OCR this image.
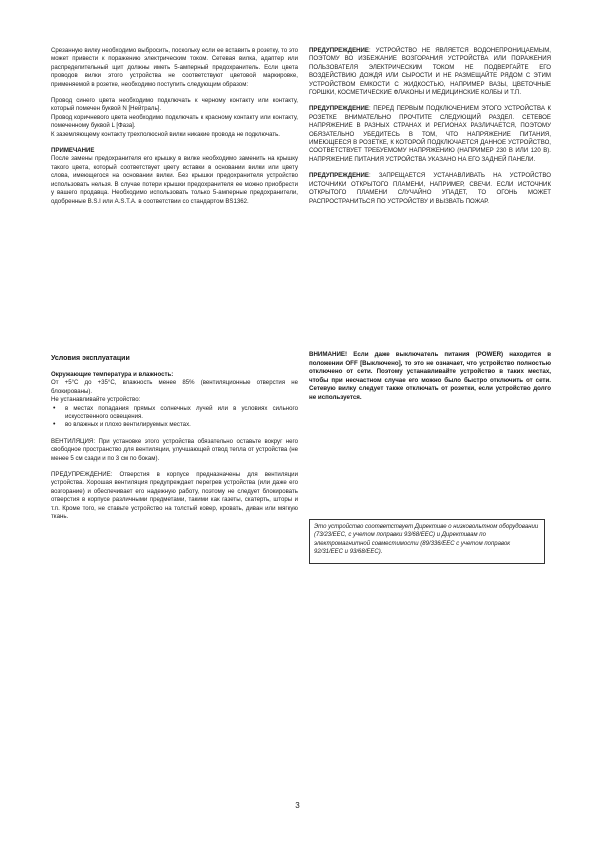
Срезанную вилку необходимо выбросить, поскольку если ее вставить в розетку, то это может привести к поражению электрическим током. Сетевая вилка, адаптер или распределительный щит должны иметь 5-амперный предохранитель. Если цвета проводов вилки этого устройства не соответствуют цветовой маркировке, применяемой в розетке, необходимо поступить следующим образом:

Провод синего цвета необходимо подключать к черному контакту или контакту, который помечен буквой N [Нейтраль].

Провод коричневого цвета необходимо подключать к красному контакту или контакту, помеченному буквой L [Фаза].

К заземляющему контакту трехполюсной вилки никакие провода не подключать.

ПРИМЕЧАНИЕ

После замены предохранителя его крышку в вилке необходимо заменить на крышку такого цвета, который соответствует цвету вставки в основании вилки или цвету слова, имеющегося на основании вилки. Без крышки предохранителя устройство использовать нельзя. В случае потери крышки предохранителя ее можно приобрести у вашего продавца. Необходимо использовать только 5-амперные предохранители, одобренные B.S.I или A.S.T.A. в соответствии со стандартом BS1362.

ПРЕДУПРЕЖДЕНИЕ: УСТРОЙСТВО НЕ ЯВЛЯЕТСЯ ВОДОНЕПРОНИЦАЕМЫМ, ПОЭТОМУ ВО ИЗБЕЖАНИЕ ВОЗГОРАНИЯ УСТРОЙСТВА ИЛИ ПОРАЖЕНИЯ ПОЛЬЗОВАТЕЛЯ ЭЛЕКТРИЧЕСКИМ ТОКОМ НЕ ПОДВЕРГАЙТЕ ЕГО ВОЗДЕЙСТВИЮ ДОЖДЯ ИЛИ СЫРОСТИ И НЕ РАЗМЕЩАЙТЕ РЯДОМ С ЭТИМ УСТРОЙСТВОМ ЕМКОСТИ С ЖИДКОСТЬЮ, НАПРИМЕР ВАЗЫ, ЦВЕТОЧНЫЕ ГОРШКИ, КОСМЕТИЧЕСКИЕ ФЛАКОНЫ И МЕДИЦИНСКИЕ КОЛБЫ И Т.П.

ПРЕДУПРЕЖДЕНИЕ: ПЕРЕД ПЕРВЫМ ПОДКЛЮЧЕНИЕМ ЭТОГО УСТРОЙСТВА К РОЗЕТКЕ ВНИМАТЕЛЬНО ПРОЧТИТЕ СЛЕДУЮЩИЙ РАЗДЕЛ. СЕТЕВОЕ НАПРЯЖЕНИЕ В РАЗНЫХ СТРАНАХ И РЕГИОНАХ РАЗЛИЧАЕТСЯ, ПОЭТОМУ ОБЯЗАТЕЛЬНО УБЕДИТЕСЬ В ТОМ, ЧТО НАПРЯЖЕНИЕ ПИТАНИЯ, ИМЕЮЩЕЕСЯ В РОЗЕТКЕ, К КОТОРОЙ ПОДКЛЮЧАЕТСЯ ДАННОЕ УСТРОЙСТВО, СООТВЕТСТВУЕТ ТРЕБУЕМОМУ НАПРЯЖЕНИЮ (НАПРИМЕР 230 В ИЛИ 120 В). НАПРЯЖЕНИЕ ПИТАНИЯ УСТРОЙСТВА УКАЗАНО НА ЕГО ЗАДНЕЙ ПАНЕЛИ.

ПРЕДУПРЕЖДЕНИЕ: ЗАПРЕЩАЕТСЯ УСТАНАВЛИВАТЬ НА УСТРОЙСТВО ИСТОЧНИКИ ОТКРЫТОГО ПЛАМЕНИ, НАПРИМЕР, СВЕЧИ. ЕСЛИ ИСТОЧНИК ОТКРЫТОГО ПЛАМЕНИ СЛУЧАЙНО УПАДЕТ, ТО ОГОНЬ МОЖЕТ РАСПРОСТРАНИТЬСЯ ПО УСТРОЙСТВУ И ВЫЗВАТЬ ПОЖАР.

Условия эксплуатации

Окружающие температура и влажность:

От +5°С до +35°С, влажность менее 85% (вентиляционные отверстия не блокированы).

Не устанавливайте устройство:

• в местах попадания прямых солнечных лучей или в условиях сильного искусственного освещения.
• во влажных и плохо вентилируемых местах.

ВЕНТИЛЯЦИЯ: При установке этого устройства обязательно оставьте вокруг него свободное пространство для вентиляции, улучшающей отвод тепла от устройства (не менее 5 см сзади и по 3 см по бокам).

ПРЕДУПРЕЖДЕНИЕ: Отверстия в корпусе предназначены для вентиляции устройства. Хорошая вентиляция предупреждает перегрев устройства (или даже его возгорание) и обеспечивает его надежную работу, поэтому не следует блокировать отверстия в корпусе различными предметами, такими как газеты, скатерть, шторы и т.п. Кроме того, не ставьте устройство на толстый ковер, кровать, диван или мягкую ткань.

ВНИМАНИЕ! Если даже выключатель питания (POWER) находится в положении OFF [Выключено], то это не означает, что устройство полностью отключено от сети. Поэтому устанавливайте устройство в таких местах, чтобы при несчастном случае его можно было быстро отключить от сети. Сетевую вилку следует также отключать от розетки, если устройство долго не используется.

Это устройство соответствует Директиве о низковольтном оборудовании (73/23/EEC, с учетом поправки 93/68/EEC) и Директивам по электромагнитной совместимости (89/336/EEC с учетом поправок 92/31/EEC и 93/68/EEC).

3
